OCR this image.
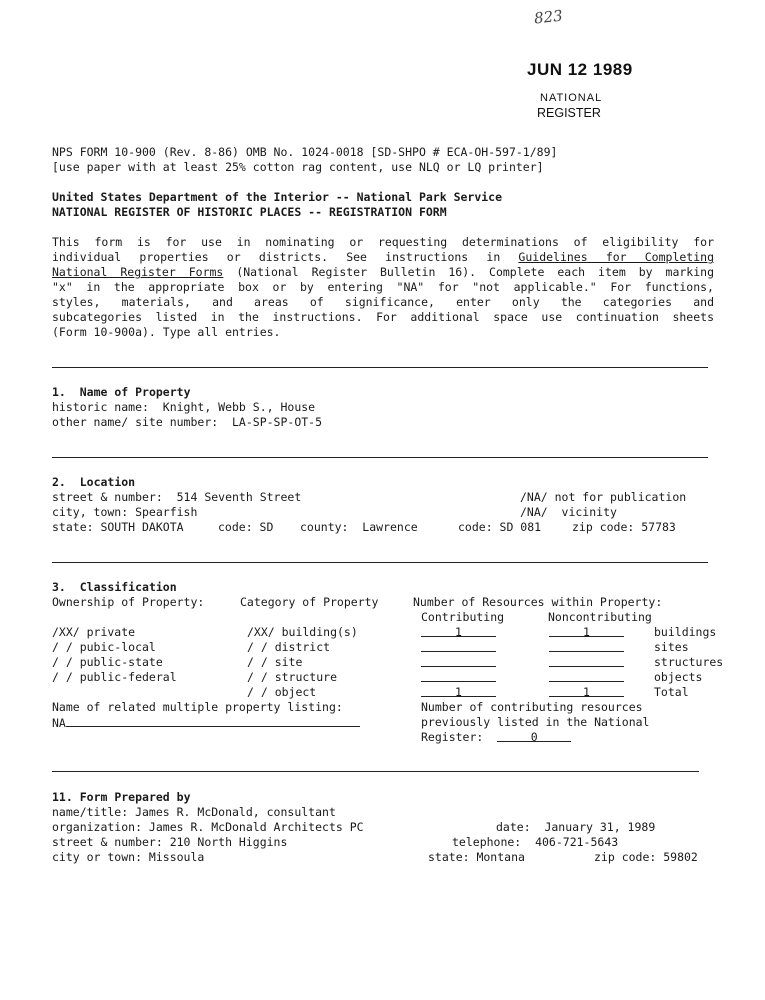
823
JUN 12 1989
NATIONAL
REGISTER
NPS FORM 10-900 (Rev. 8-86) OMB No. 1024-0018 [SD-SHPO # ECA-OH-597-1/89]
[use paper with at least 25% cotton rag content, use NLQ or LQ printer]
United States Department of the Interior -- National Park Service
NATIONAL REGISTER OF HISTORIC PLACES -- REGISTRATION FORM
This form is for use in nominating or requesting determinations of eligibility for
individual properties or districts. See instructions in Guidelines for Completing
National Register Forms (National Register Bulletin 16). Complete each item by marking
"x" in the appropriate box or by entering "NA" for "not applicable." For functions,
styles, materials, and areas of significance, enter only the categories and
subcategories listed in the instructions. For additional space use continuation sheets
(Form 10-900a). Type all entries.
1. Name of Property
historic name:  Knight, Webb S., House
other name/ site number:  LA-SP-SP-OT-5
2. Location
street & number:  514 Seventh Street	/NA/ not for publication
city, town: Spearfish	/NA/  vicinity
state: SOUTH DAKOTA	code: SD county:  Lawrence	code: SD 081	zip code: 57783
3. Classification
Ownership of Property:	Category of Property	Number of Resources within Property:
Contributing	Noncontributing
/XX/ private
/ / pubic-local
/ / public-state
/ / public-federal
/XX/ building(s)
/ / district
/ / site
/ / structure
/ / object
1	1	buildings
sites
structures
objects
1	1	Total
Name of related multiple property listing:
NA
Number of contributing resources
previously listed in the National
Register:	0
11. Form Prepared by
name/title: James R. McDonald, consultant
organization: James R. McDonald Architects PC	date:  January 31, 1989
street & number: 210 North Higgins	telephone:  406-721-5643
city or town: Missoula	state: Montana	zip code: 59802
